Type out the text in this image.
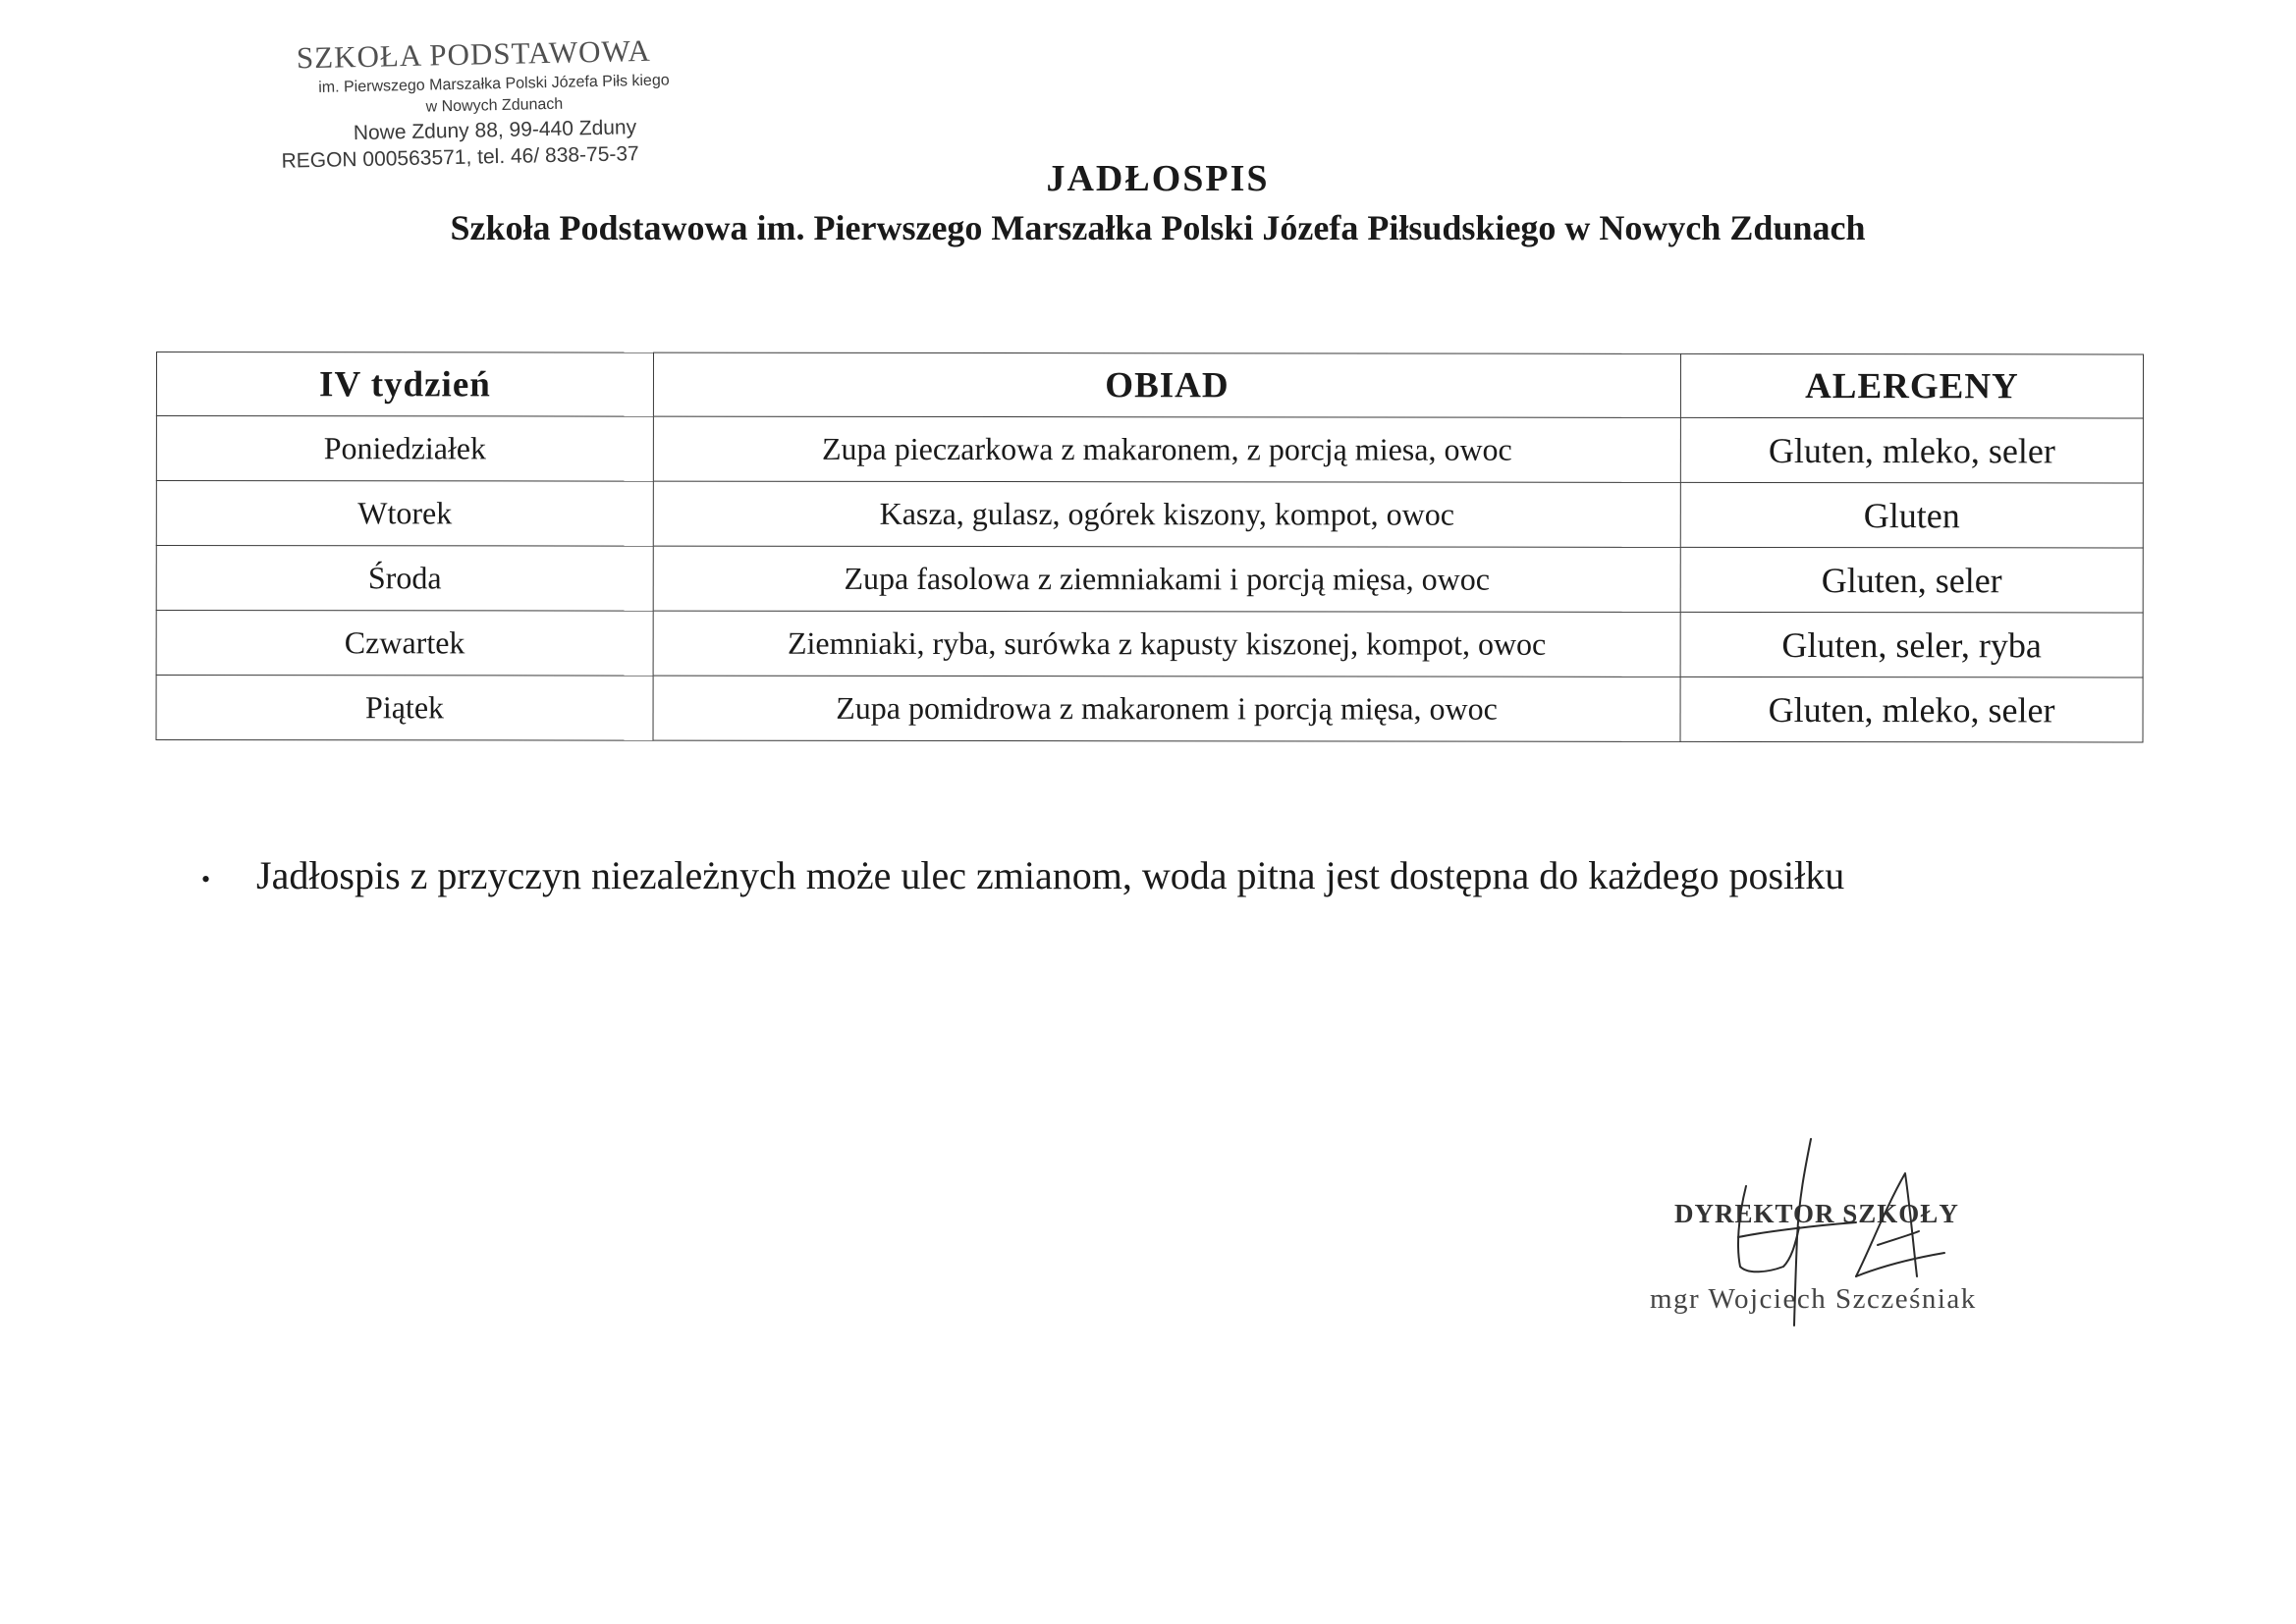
SZKOŁA PODSTAWOWA
im. Pierwszego Marszałka Polski Józefa Piłs kiego
w Nowych Zdunach
Nowe Zduny 88, 99-440 Zduny
REGON 000563571, tel. 46/ 838-75-37
JADŁOSPIS
Szkoła Podstawowa im. Pierwszego Marszałka Polski Józefa Piłsudskiego w Nowych Zdunach
IV tydzień	OBIAD	ALERGENY
Poniedziałek	Zupa pieczarkowa z makaronem, z porcją miesa, owoc	Gluten, mleko, seler
Wtorek	Kasza, gulasz, ogórek kiszony, kompot, owoc	Gluten
Środa	Zupa fasolowa z ziemniakami i porcją mięsa, owoc	Gluten, seler
Czwartek	Ziemniaki, ryba, surówka z kapusty kiszonej, kompot, owoc	Gluten, seler, ryba
Piątek	Zupa pomidrowa z makaronem i porcją mięsa, owoc	Gluten, mleko, seler
• Jadłospis z przyczyn niezależnych może ulec zmianom, woda pitna jest dostępna do każdego posiłku
DYREKTOR SZKOŁY
mgr Wojciech Szcześniak
